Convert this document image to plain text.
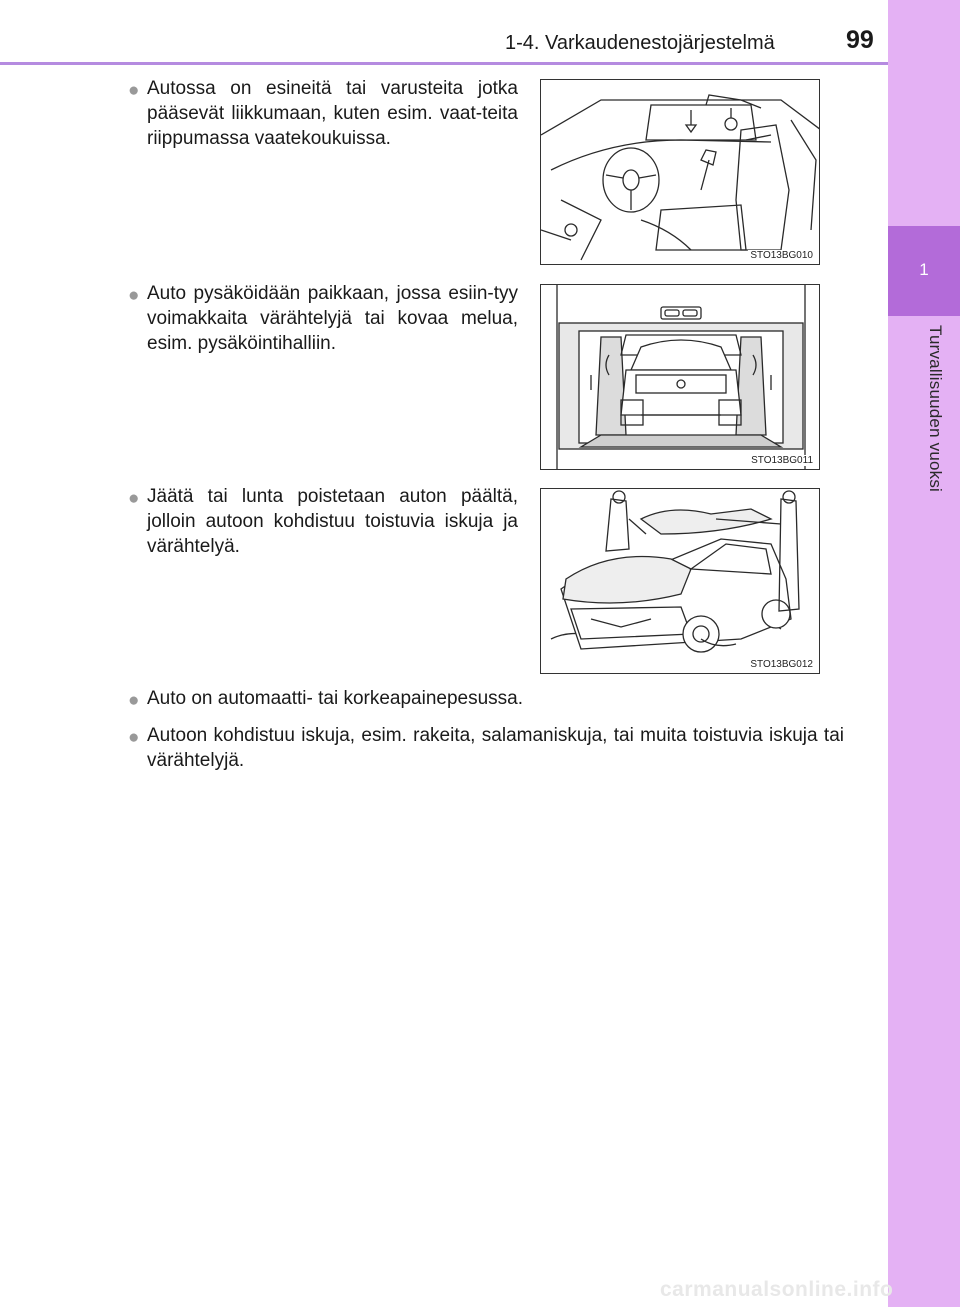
1-4. Varkaudenestojärjestelmä	99
1
Turvallisuuden vuoksi
● Autossa on esineitä tai varusteita jotka pääsevät liikkumaan, kuten esim. vaat-teita riippumassa vaatekoukuissa.
STO13BG010
● Auto pysäköidään paikkaan, jossa esiin-tyy voimakkaita värähtelyjä tai kovaa melua, esim. pysäköintihalliin.
STO13BG011
● Jäätä tai lunta poistetaan auton päältä, jolloin autoon kohdistuu toistuvia iskuja ja värähtelyä.
STO13BG012
● Auto on automaatti- tai korkeapainepesussa.
● Autoon kohdistuu iskuja, esim. rakeita, salamaniskuja, tai muita toistuvia iskuja tai värähtelyjä.
carmanualsonline.info
